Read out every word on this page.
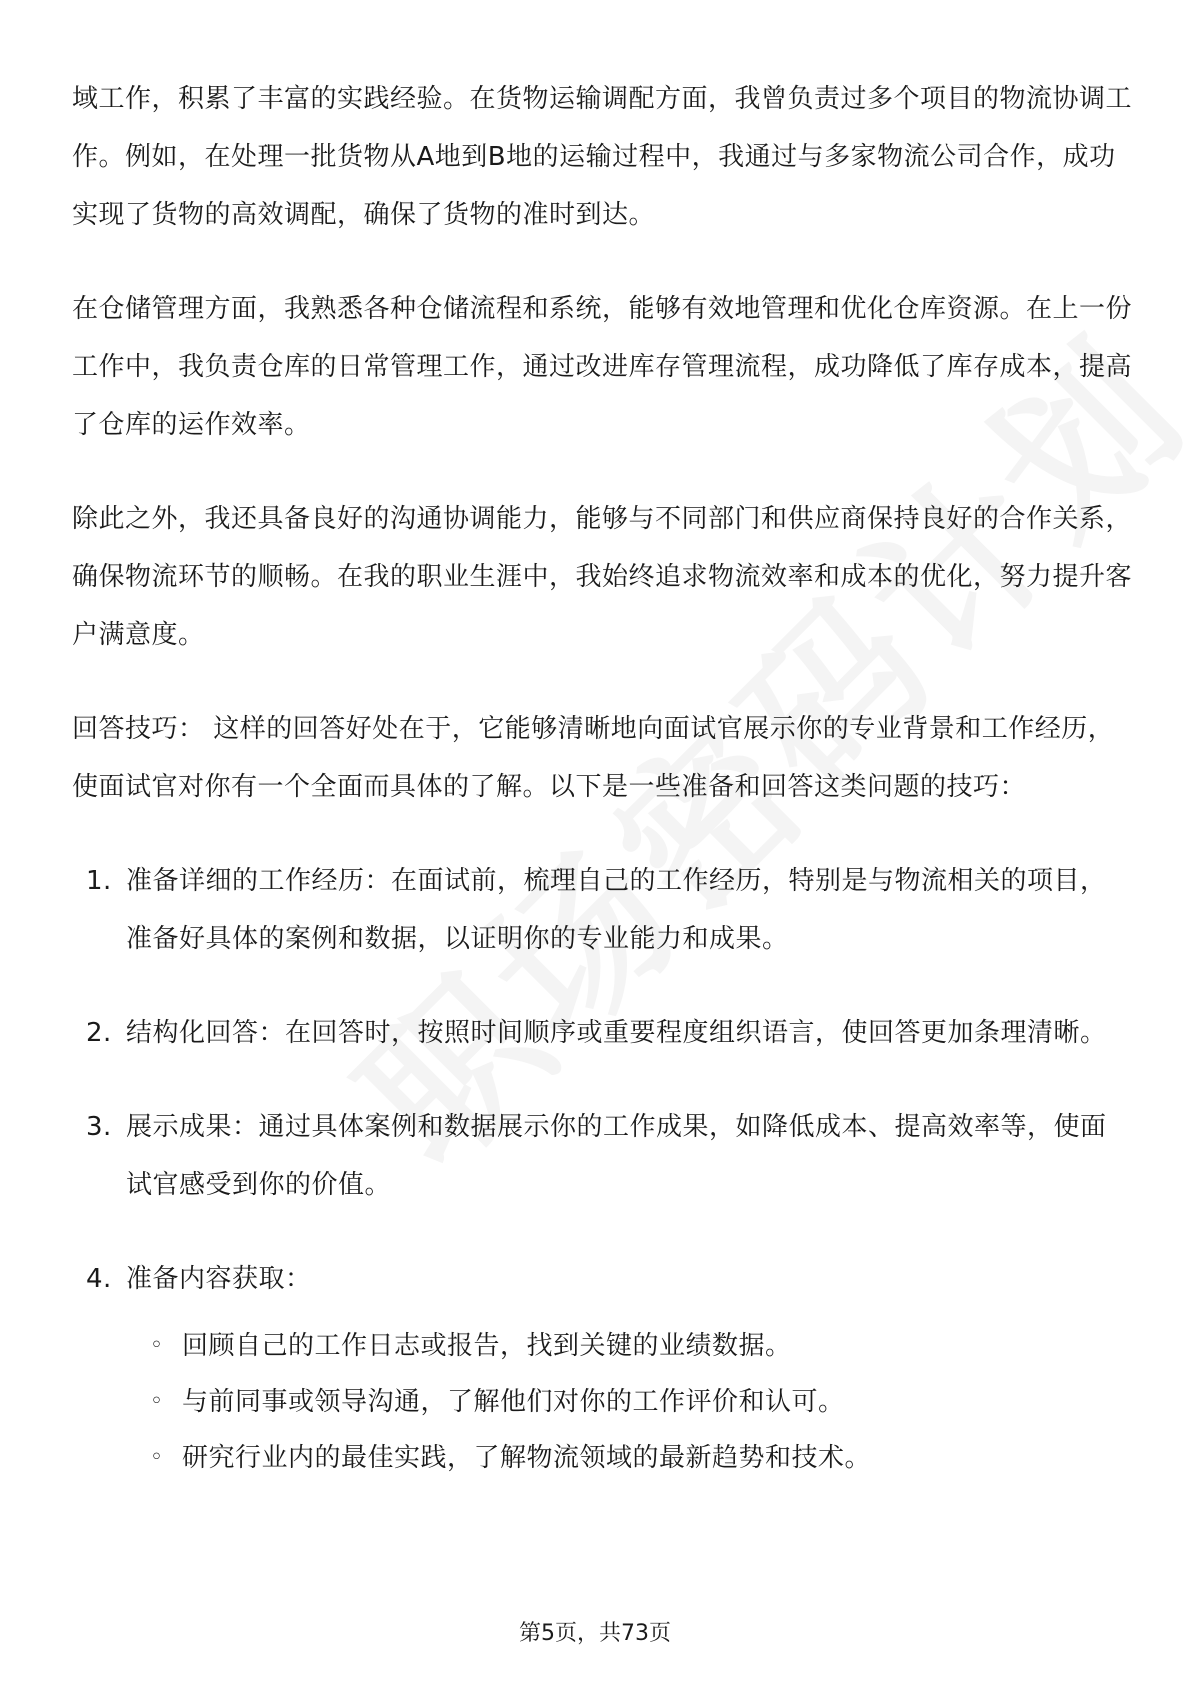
域工作，积累了丰富的实践经验。在货物运输调配方面，我曾负责过多个项目的物流协调工作。例如，在处理一批货物从A地到B地的运输过程中，我通过与多家物流公司合作，成功实现了货物的高效调配，确保了货物的准时到达。

在仓储管理方面，我熟悉各种仓储流程和系统，能够有效地管理和优化仓库资源。在上一份工作中，我负责仓库的日常管理工作，通过改进库存管理流程，成功降低了库存成本，提高了仓库的运作效率。

除此之外，我还具备良好的沟通协调能力，能够与不同部门和供应商保持良好的合作关系，确保物流环节的顺畅。在我的职业生涯中，我始终追求物流效率和成本的优化，努力提升客户满意度。

回答技巧： 这样的回答好处在于，它能够清晰地向面试官展示你的专业背景和工作经历，使面试官对你有一个全面而具体的了解。以下是一些准备和回答这类问题的技巧：

1. 准备详细的工作经历：在面试前，梳理自己的工作经历，特别是与物流相关的项目，准备好具体的案例和数据，以证明你的专业能力和成果。
2. 结构化回答：在回答时，按照时间顺序或重要程度组织语言，使回答更加条理清晰。
3. 展示成果：通过具体案例和数据展示你的工作成果，如降低成本、提高效率等，使面试官感受到你的价值。
4. 准备内容获取：
◦ 回顾自己的工作日志或报告，找到关键的业绩数据。
◦ 与前同事或领导沟通，了解他们对你的工作评价和认可。
◦ 研究行业内的最佳实践，了解物流领域的最新趋势和技术。
第5页，共73页
